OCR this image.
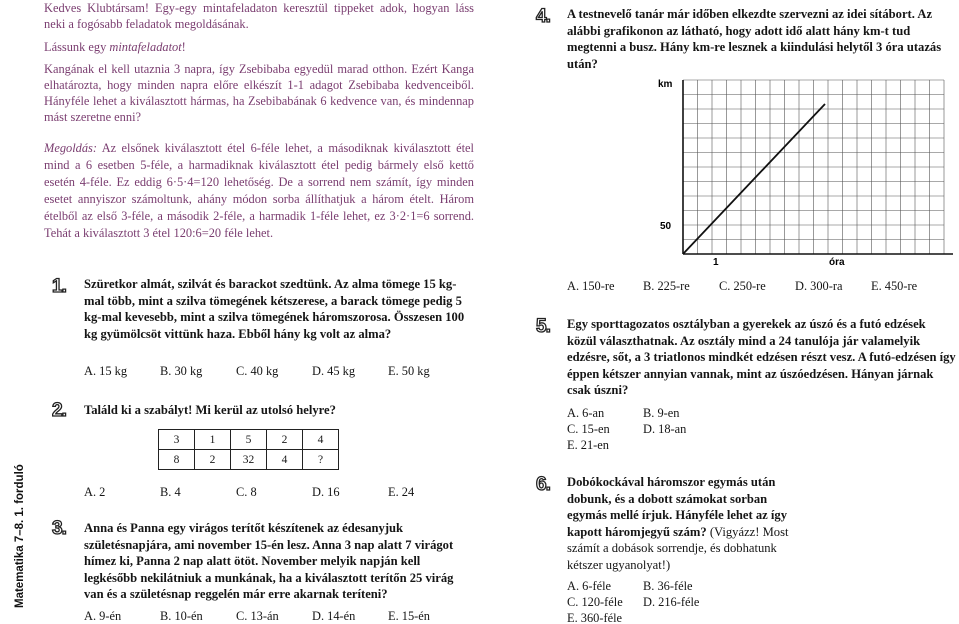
Kedves Klubtársam! Egy-egy mintafeladaton keresztül tippeket adok, hogyan láss neki a fogósabb feladatok megoldásának.

Lássunk egy mintafeladatot!

Kangának el kell utaznia 3 napra, így Zsebibaba egyedül marad otthon. Ezért Kanga elhatározta, hogy minden napra előre elkészít 1-1 adagot Zsebibaba kedvenceiből. Hányféle lehet a kiválasztott hármas, ha Zsebibabának 6 kedvence van, és mindennap mást szeretne enni?

Megoldás: Az elsőnek kiválasztott étel 6-féle lehet, a másodiknak kiválasztott étel mind a 6 esetben 5-féle, a harmadiknak kiválasztott étel pedig bármely első kettő esetén 4-féle. Ez eddig 6·5·4=120 lehetőség. De a sorrend nem számít, így minden esetet annyiszor számoltunk, ahány módon sorba állíthatjuk a három ételt. Három ételből az első 3-féle, a második 2-féle, a harmadik 1-féle lehet, ez 3·2·1=6 sorrend. Tehát a kiválasztott 3 étel 120:6=20 féle lehet.
Matematika 7–8. 1. forduló
1. Szüretkor almát, szilvát és barackot szedtünk. Az alma tömege 15 kg-mal több, mint a szilva tömegének kétszerese, a barack tömege pedig 5 kg-mal kevesebb, mint a szilva tömegének háromszorosa. Összesen 100 kg gyümölcsöt vittünk haza. Ebből hány kg volt az alma?
A. 15 kg	B. 30 kg	C. 40 kg	D. 45 kg	E. 50 kg
2. Találd ki a szabályt! Mi kerül az utolsó helyre?
3	1	5	2	4
8	2	32	4	?
A. 2	B. 4	C. 8	D. 16	E. 24
3. Anna és Panna egy virágos terítőt készítenek az édesanyjuk születésnapjára, ami november 15-én lesz. Anna 3 nap alatt 7 virágot hímez ki, Panna 2 nap alatt ötöt. November melyik napján kell legkésőbb nekilátniuk a munkának, ha a kiválasztott terítőn 25 virág van és a születésnap reggelén már erre akarnak teríteni?
A. 9-én	B. 10-én	C. 13-án	D. 14-én	E. 15-én
4. A testnevelő tanár már időben elkezdte szervezni az idei sítábort. Az alábbi grafikonon az látható, hogy adott idő alatt hány km-t tud megtenni a busz. Hány km-re lesznek a kiindulási helytől 3 óra utazás után?
km
50
1	óra
A. 150-re	B. 225-re	C. 250-re	D. 300-ra	E. 450-re
5. Egy sporttagozatos osztályban a gyerekek az úszó és a futó edzések közül választhatnak. Az osztály mind a 24 tanulója jár valamelyik edzésre, sőt, a 3 triatlonos mindkét edzésen részt vesz. A futó-edzésen így éppen kétszer annyian vannak, mint az úszóedzésen. Hányan járnak csak úszni?
A. 6-an	B. 9-en
C. 15-en	D. 18-an
E. 21-en
6. Dobókockával háromszor egymás után dobunk, és a dobott számokat sorban egymás mellé írjuk. Hányféle lehet az így kapott háromjegyű szám? (Vigyázz! Most számít a dobások sorrendje, és dobhatunk kétszer ugyanolyat!)
A. 6-féle	B. 36-féle
C. 120-féle	D. 216-féle
E. 360-féle
